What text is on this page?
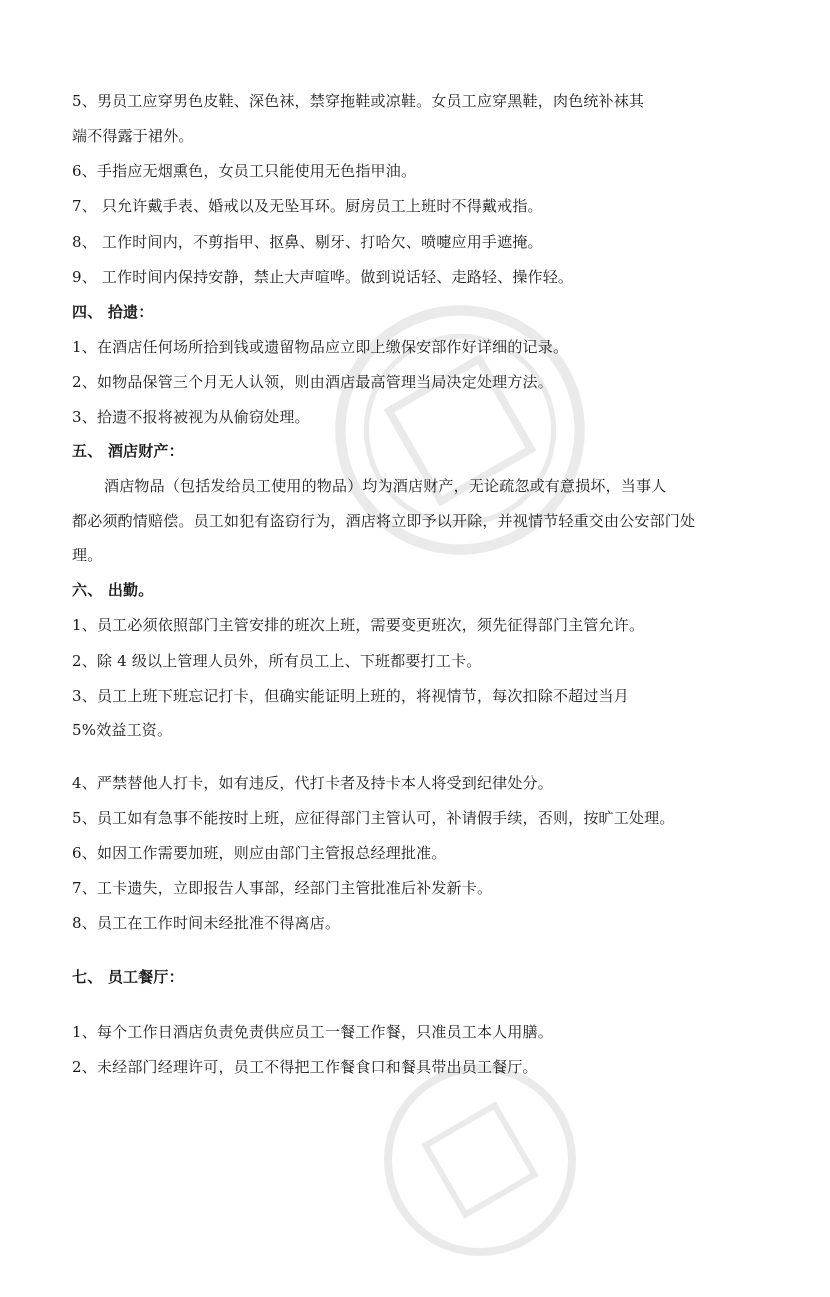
5、男员工应穿男色皮鞋、深色袜，禁穿拖鞋或凉鞋。女员工应穿黑鞋，肉色统补袜其
端不得露于裙外。
6、手指应无烟熏色，女员工只能使用无色指甲油。
7、 只允许戴手表、婚戒以及无坠耳环。厨房员工上班时不得戴戒指。
8、 工作时间内，不剪指甲、抠鼻、剔牙、打哈欠、喷嚏应用手遮掩。
9、 工作时间内保持安静，禁止大声喧哗。做到说话轻、走路轻、操作轻。
四、 拾遗：
1、在酒店任何场所拾到钱或遗留物品应立即上缴保安部作好详细的记录。
2、如物品保管三个月无人认领，则由酒店最高管理当局决定处理方法。
3、拾遗不报将被视为从偷窃处理。
五、 酒店财产：
酒店物品（包括发给员工使用的物品）均为酒店财产，无论疏忽或有意损坏，当事人
都必须酌情赔偿。员工如犯有盗窃行为，酒店将立即予以开除，并视情节轻重交由公安部门处
理。
六、 出勤。
1、员工必须依照部门主管安排的班次上班，需要变更班次，须先征得部门主管允许。
2、除 4 级以上管理人员外，所有员工上、下班都要打工卡。
3、员工上班下班忘记打卡，但确实能证明上班的，将视情节，每次扣除不超过当月
5%效益工资。
4、严禁替他人打卡，如有违反，代打卡者及持卡本人将受到纪律处分。
5、员工如有急事不能按时上班，应征得部门主管认可，补请假手续，否则，按旷工处理。
6、如因工作需要加班，则应由部门主管报总经理批准。
7、工卡遗失，立即报告人事部，经部门主管批准后补发新卡。
8、员工在工作时间未经批准不得离店。
七、 员工餐厅：
1、每个工作日酒店负责免责供应员工一餐工作餐，只准员工本人用膳。
2、未经部门经理许可，员工不得把工作餐食口和餐具带出员工餐厅。
